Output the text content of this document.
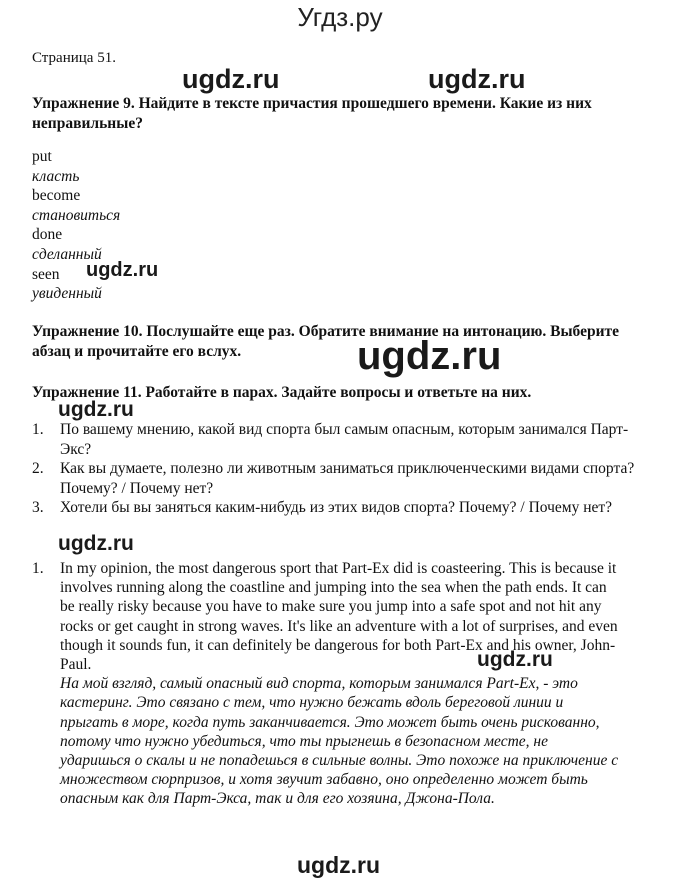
Угдз.ру
Страница 51.
ugdz.ru	ugdz.ru
ugdz.ru
ugdz.ru
ugdz.ru
ugdz.ru
ugdz.ru
ugdz.ru
Упражнение 9. Найдите в тексте причастия прошедшего времени. Какие из них неправильные?
put
класть
become
становиться
done
сделанный
seen
увиденный
Упражнение 10. Послушайте еще раз. Обратите внимание на интонацию. Выберите абзац и прочитайте его вслух.
Упражнение 11. Работайте в парах. Задайте вопросы и ответьте на них.
1. По вашему мнению, какой вид спорта был самым опасным, которым занимался Парт-Экс?
2. Как вы думаете, полезно ли животным заниматься приключенческими видами спорта? Почему? / Почему нет?
3. Хотели бы вы заняться каким-нибудь из этих видов спорта? Почему? / Почему нет?
1. In my opinion, the most dangerous sport that Part-Ex did is coasteering. This is because it involves running along the coastline and jumping into the sea when the path ends. It can be really risky because you have to make sure you jump into a safe spot and not hit any rocks or get caught in strong waves. It's like an adventure with a lot of surprises, and even though it sounds fun, it can definitely be dangerous for both Part-Ex and his owner, John-Paul.
На мой взгляд, самый опасный вид спорта, которым занимался Part-Ex, - это кастеринг. Это связано с тем, что нужно бежать вдоль береговой линии и прыгать в море, когда путь заканчивается. Это может быть очень рискованно, потому что нужно убедиться, что ты прыгнешь в безопасном месте, не ударишься о скалы и не попадешься в сильные волны. Это похоже на приключение с множеством сюрпризов, и хотя звучит забавно, оно определенно может быть опасным как для Парт-Экса, так и для его хозяина, Джона-Пола.
